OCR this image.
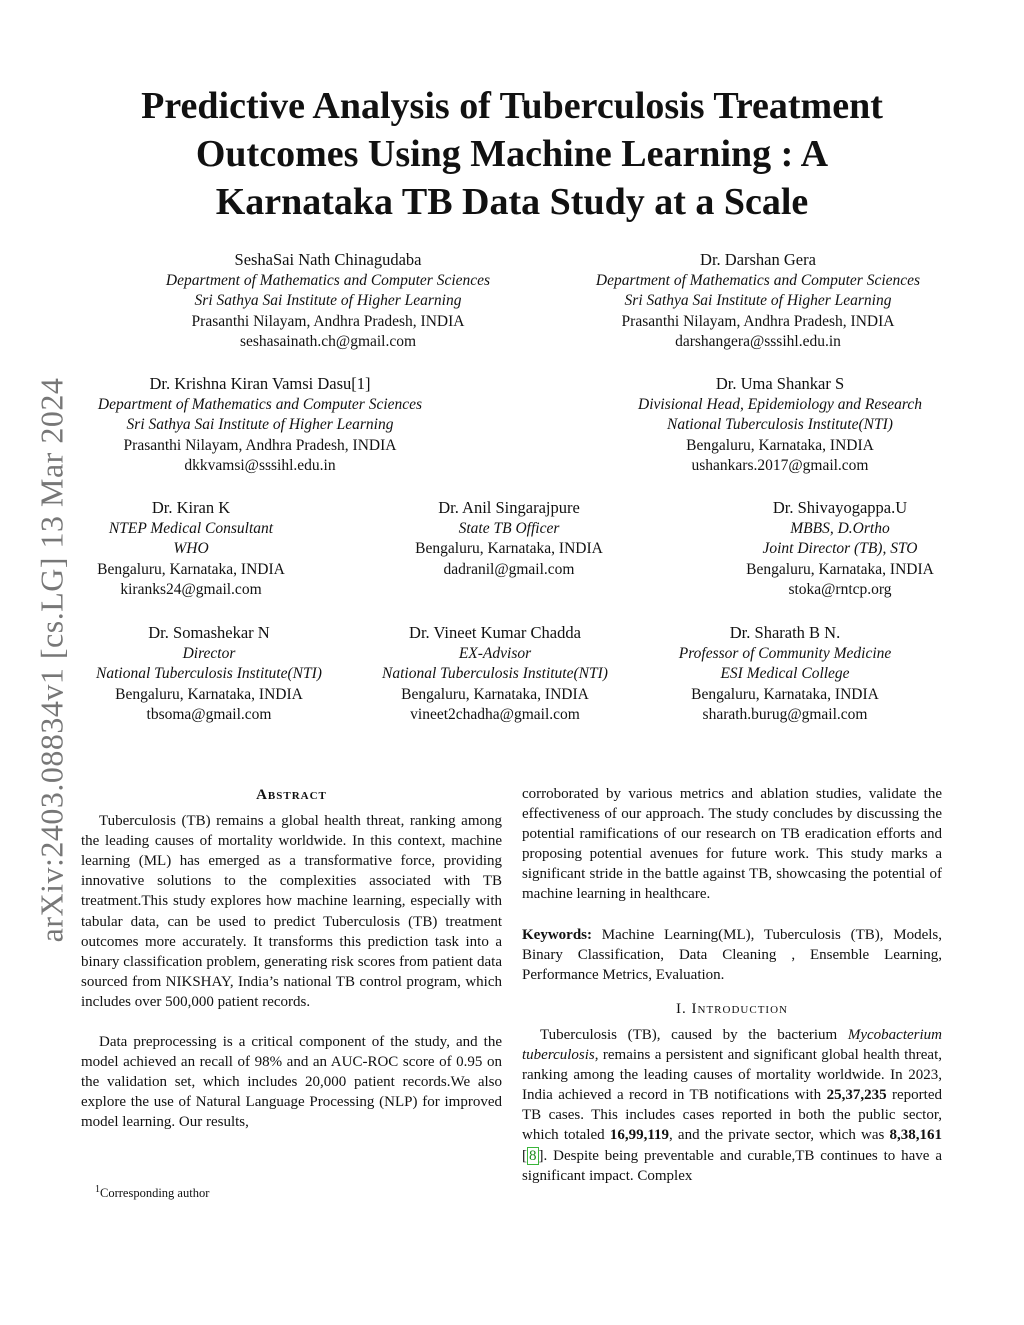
arXiv:2403.08834v1 [cs.LG] 13 Mar 2024
Predictive Analysis of Tuberculosis Treatment
Outcomes Using Machine Learning : A
Karnataka TB Data Study at a Scale
SeshaSai Nath Chinagudaba
Department of Mathematics and Computer Sciences
Sri Sathya Sai Institute of Higher Learning
Prasanthi Nilayam, Andhra Pradesh, INDIA
seshasainath.ch@gmail.com
Dr. Darshan Gera
Department of Mathematics and Computer Sciences
Sri Sathya Sai Institute of Higher Learning
Prasanthi Nilayam, Andhra Pradesh, INDIA
darshangera@sssihl.edu.in
Dr. Krishna Kiran Vamsi Dasu[1]
Department of Mathematics and Computer Sciences
Sri Sathya Sai Institute of Higher Learning
Prasanthi Nilayam, Andhra Pradesh, INDIA
dkkvamsi@sssihl.edu.in
Dr. Uma Shankar S
Divisional Head, Epidemiology and Research
National Tuberculosis Institute(NTI)
Bengaluru, Karnataka, INDIA
ushankars.2017@gmail.com
Dr. Kiran K
NTEP Medical Consultant
WHO
Bengaluru, Karnataka, INDIA
kiranks24@gmail.com
Dr. Anil Singarajpure
State TB Officer
Bengaluru, Karnataka, INDIA
dadranil@gmail.com
Dr. Shivayogappa.U
MBBS, D.Ortho
Joint Director (TB), STO
Bengaluru, Karnataka, INDIA
stoka@rntcp.org
Dr. Somashekar N
Director
National Tuberculosis Institute(NTI)
Bengaluru, Karnataka, INDIA
tbsoma@gmail.com
Dr. Vineet Kumar Chadda
EX-Advisor
National Tuberculosis Institute(NTI)
Bengaluru, Karnataka, INDIA
vineet2chadha@gmail.com
Dr. Sharath B N.
Professor of Community Medicine
ESI Medical College
Bengaluru, Karnataka, INDIA
sharath.burug@gmail.com
Abstract

Tuberculosis (TB) remains a global health threat, ranking among the leading causes of mortality worldwide. In this context, machine learning (ML) has emerged as a transformative force, providing innovative solutions to the complexities associated with TB treatment.This study explores how machine learning, especially with tabular data, can be used to predict Tuberculosis (TB) treatment outcomes more accurately. It transforms this prediction task into a binary classification problem, generating risk scores from patient data sourced from NIKSHAY, India’s national TB control program, which includes over 500,000 patient records.

Data preprocessing is a critical component of the study, and the model achieved an recall of 98% and an AUC-ROC score of 0.95 on the validation set, which includes 20,000 patient records.We also explore the use of Natural Language Processing (NLP) for improved model learning. Our results,

$^1$Corresponding author

corroborated by various metrics and ablation studies, validate the effectiveness of our approach. The study concludes by discussing the potential ramifications of our research on TB eradication efforts and proposing potential avenues for future work. This study marks a significant stride in the battle against TB, showcasing the potential of machine learning in healthcare.

Keywords: Machine Learning(ML), Tuberculosis (TB), Models, Binary Classification, Data Cleaning , Ensemble Learning, Performance Metrics, Evaluation.

I. Introduction

Tuberculosis (TB), caused by the bacterium Mycobacterium tuberculosis, remains a persistent and significant global health threat, ranking among the leading causes of mortality worldwide. In 2023, India achieved a record in TB notifications with 25,37,235 reported TB cases. This includes cases reported in both the public sector, which totaled 16,99,119, and the private sector, which was 8,38,161 [ 8 ]. Despite being preventable and curable,TB continues to have a significant impact. Complex
